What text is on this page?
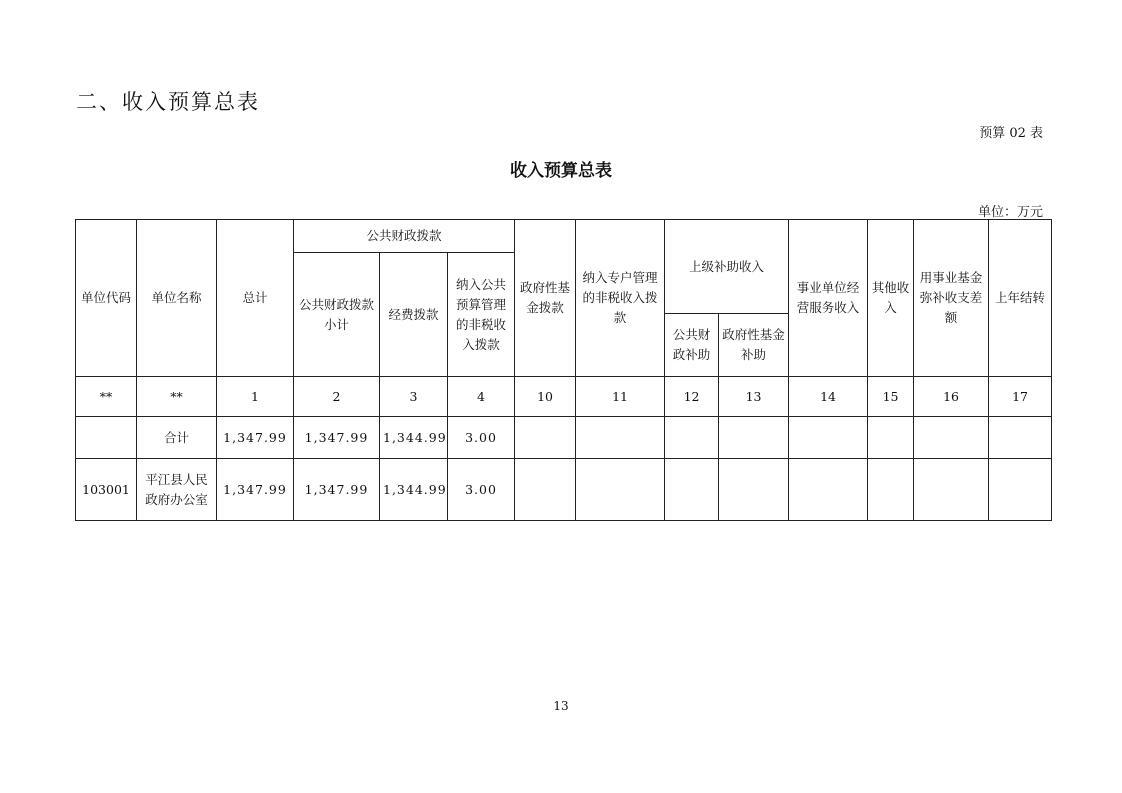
二、收入预算总表
预算 02 表
收入预算总表
单位：万元
单位代码	单位名称	总计	公共财政拨款			政府性基金拨款	纳入专户管理的非税收入拨款	上级补助收入		事业单位经营服务收入	其他收入	用事业基金弥补收支差额	上年结转
			公共财政拨款小计	经费拨款	纳入公共预算管理的非税收入拨款								
								公共财政补助	政府性基金补助				
**	**	1	2	3	4	10	11	12	13	14	15	16	17
	合计	1,347.99	1,347.99	1,344.99	3.00								
103001	平江县人民政府办公室	1,347.99	1,347.99	1,344.99	3.00								
13
